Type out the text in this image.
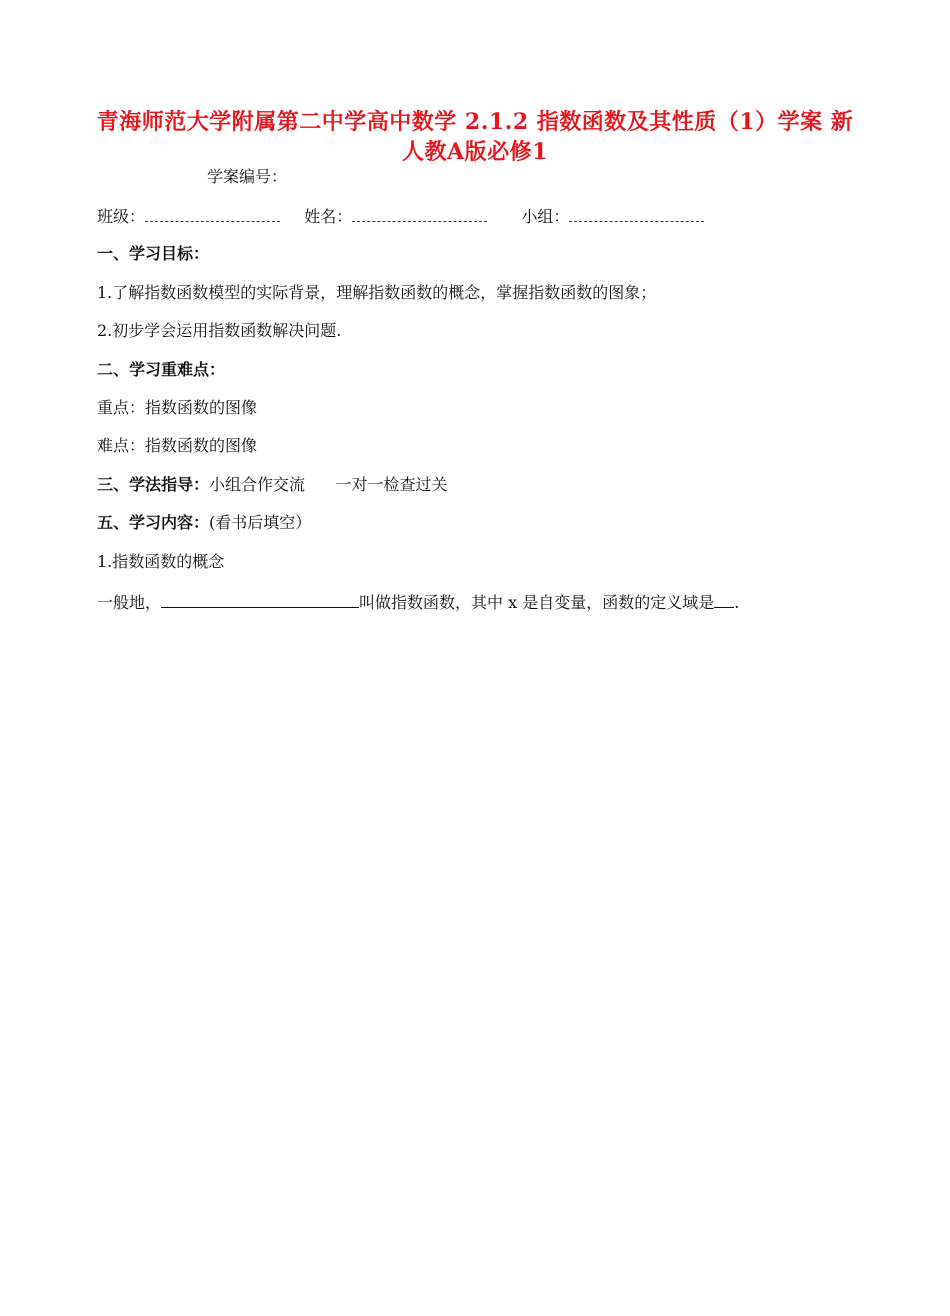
青海师范大学附属第二中学高中数学 2.1.2 指数函数及其性质（1）学案 新人教A版必修1
学案编号：
班级：	姓名：	小组：
一、学习目标：
1.了解指数函数模型的实际背景，理解指数函数的概念，掌握指数函数的图象；
2.初步学会运用指数函数解决问题.
二、学习重难点：
重点：指数函数的图像
难点：指数函数的图像
三、学法指导：小组合作交流      一对一检查过关
五、学习内容：(看书后填空）
1.指数函数的概念
一般地，	叫做指数函数，其中 x 是自变量，函数的定义域是 .
